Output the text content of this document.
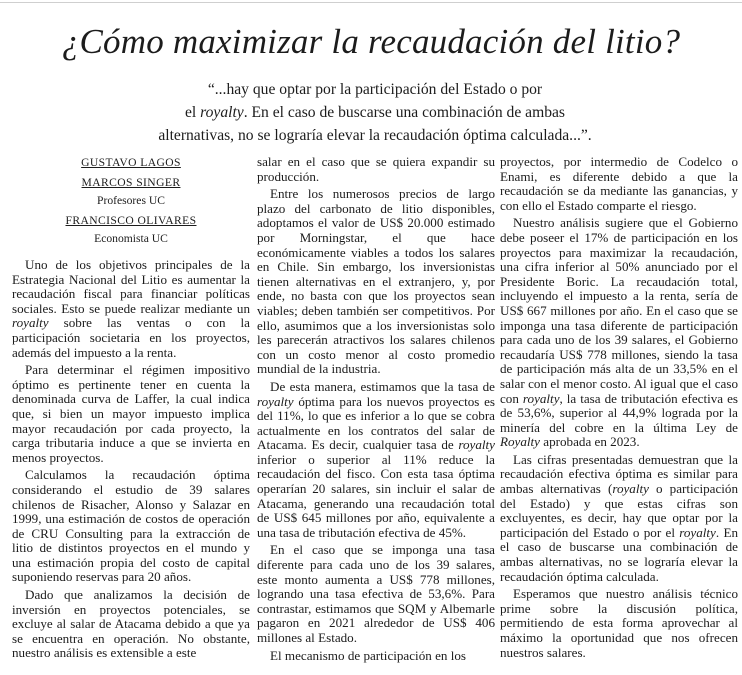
¿Cómo maximizar la recaudación del litio?

“...hay que optar por la participación del Estado o por

el royalty. En el caso de buscarse una combinación de ambas

alternativas, no se lograría elevar la recaudación óptima calculada...”.

GUSTAVO LAGOS
MARCOS SINGER
Profesores UC
FRANCISCO OLIVARES
Economista UC

Uno de los objetivos principales de la Estrategia Nacional del Litio es aumentar la recaudación fiscal para financiar políticas sociales. Esto se puede realizar mediante un royalty sobre las ventas o con la participación societaria en los proyectos, además del impuesto a la renta.

Para determinar el régimen impositivo óptimo es pertinente tener en cuenta la denominada curva de Laffer, la cual indica que, si bien un mayor impuesto implica mayor recaudación por cada proyecto, la carga tributaria induce a que se invierta en menos proyectos.

Calculamos la recaudación óptima considerando el estudio de 39 salares chilenos de Risacher, Alonso y Salazar en 1999, una estimación de costos de operación de CRU Consulting para la extracción de litio de distintos proyectos en el mundo y una estimación propia del costo de capital suponiendo reservas para 20 años.

Dado que analizamos la decisión de inversión en proyectos potenciales, se excluye al salar de Atacama debido a que ya se encuentra en operación. No obstante, nuestro análisis es extensible a este

salar en el caso que se quiera expandir su producción.

Entre los numerosos precios de largo plazo del carbonato de litio disponibles, adoptamos el valor de US$ 20.000 estimado por Morningstar, el que hace económicamente viables a todos los salares en Chile. Sin embargo, los inversionistas tienen alternativas en el extranjero, y, por ende, no basta con que los proyectos sean viables; deben también ser competitivos. Por ello, asumimos que a los inversionistas solo les parecerán atractivos los salares chilenos con un costo menor al costo promedio mundial de la industria.

De esta manera, estimamos que la tasa de royalty óptima para los nuevos proyectos es del 11%, lo que es inferior a lo que se cobra actualmente en los contratos del salar de Atacama. Es decir, cualquier tasa de royalty inferior o superior al 11% reduce la recaudación del fisco. Con esta tasa óptima operarían 20 salares, sin incluir el salar de Atacama, generando una recaudación total de US$ 645 millones por año, equivalente a una tasa de tributación efectiva de 45%.

En el caso que se imponga una tasa diferente para cada uno de los 39 salares, este monto aumenta a US$ 778 millones, logrando una tasa efectiva de 53,6%. Para contrastar, estimamos que SQM y Albemarle pagaron en 2021 alrededor de US$ 406 millones al Estado.

El mecanismo de participación en los

proyectos, por intermedio de Codelco o Enami, es diferente debido a que la recaudación se da mediante las ganancias, y con ello el Estado comparte el riesgo.

Nuestro análisis sugiere que el Gobierno debe poseer el 17% de participación en los proyectos para maximizar la recaudación, una cifra inferior al 50% anunciado por el Presidente Boric. La recaudación total, incluyendo el impuesto a la renta, sería de US$ 667 millones por año. En el caso que se imponga una tasa diferente de participación para cada uno de los 39 salares, el Gobierno recaudaría US$ 778 millones, siendo la tasa de participación más alta de un 33,5% en el salar con el menor costo. Al igual que el caso con royalty, la tasa de tributación efectiva es de 53,6%, superior al 44,9% lograda por la minería del cobre en la última Ley de Royalty aprobada en 2023.

Las cifras presentadas demuestran que la recaudación efectiva óptima es similar para ambas alternativas (royalty o participación del Estado) y que estas cifras son excluyentes, es decir, hay que optar por la participación del Estado o por el royalty. En el caso de buscarse una combinación de ambas alternativas, no se lograría elevar la recaudación óptima calculada.

Esperamos que nuestro análisis técnico prime sobre la discusión política, permitiendo de esta forma aprovechar al máximo la oportunidad que nos ofrecen nuestros salares.
